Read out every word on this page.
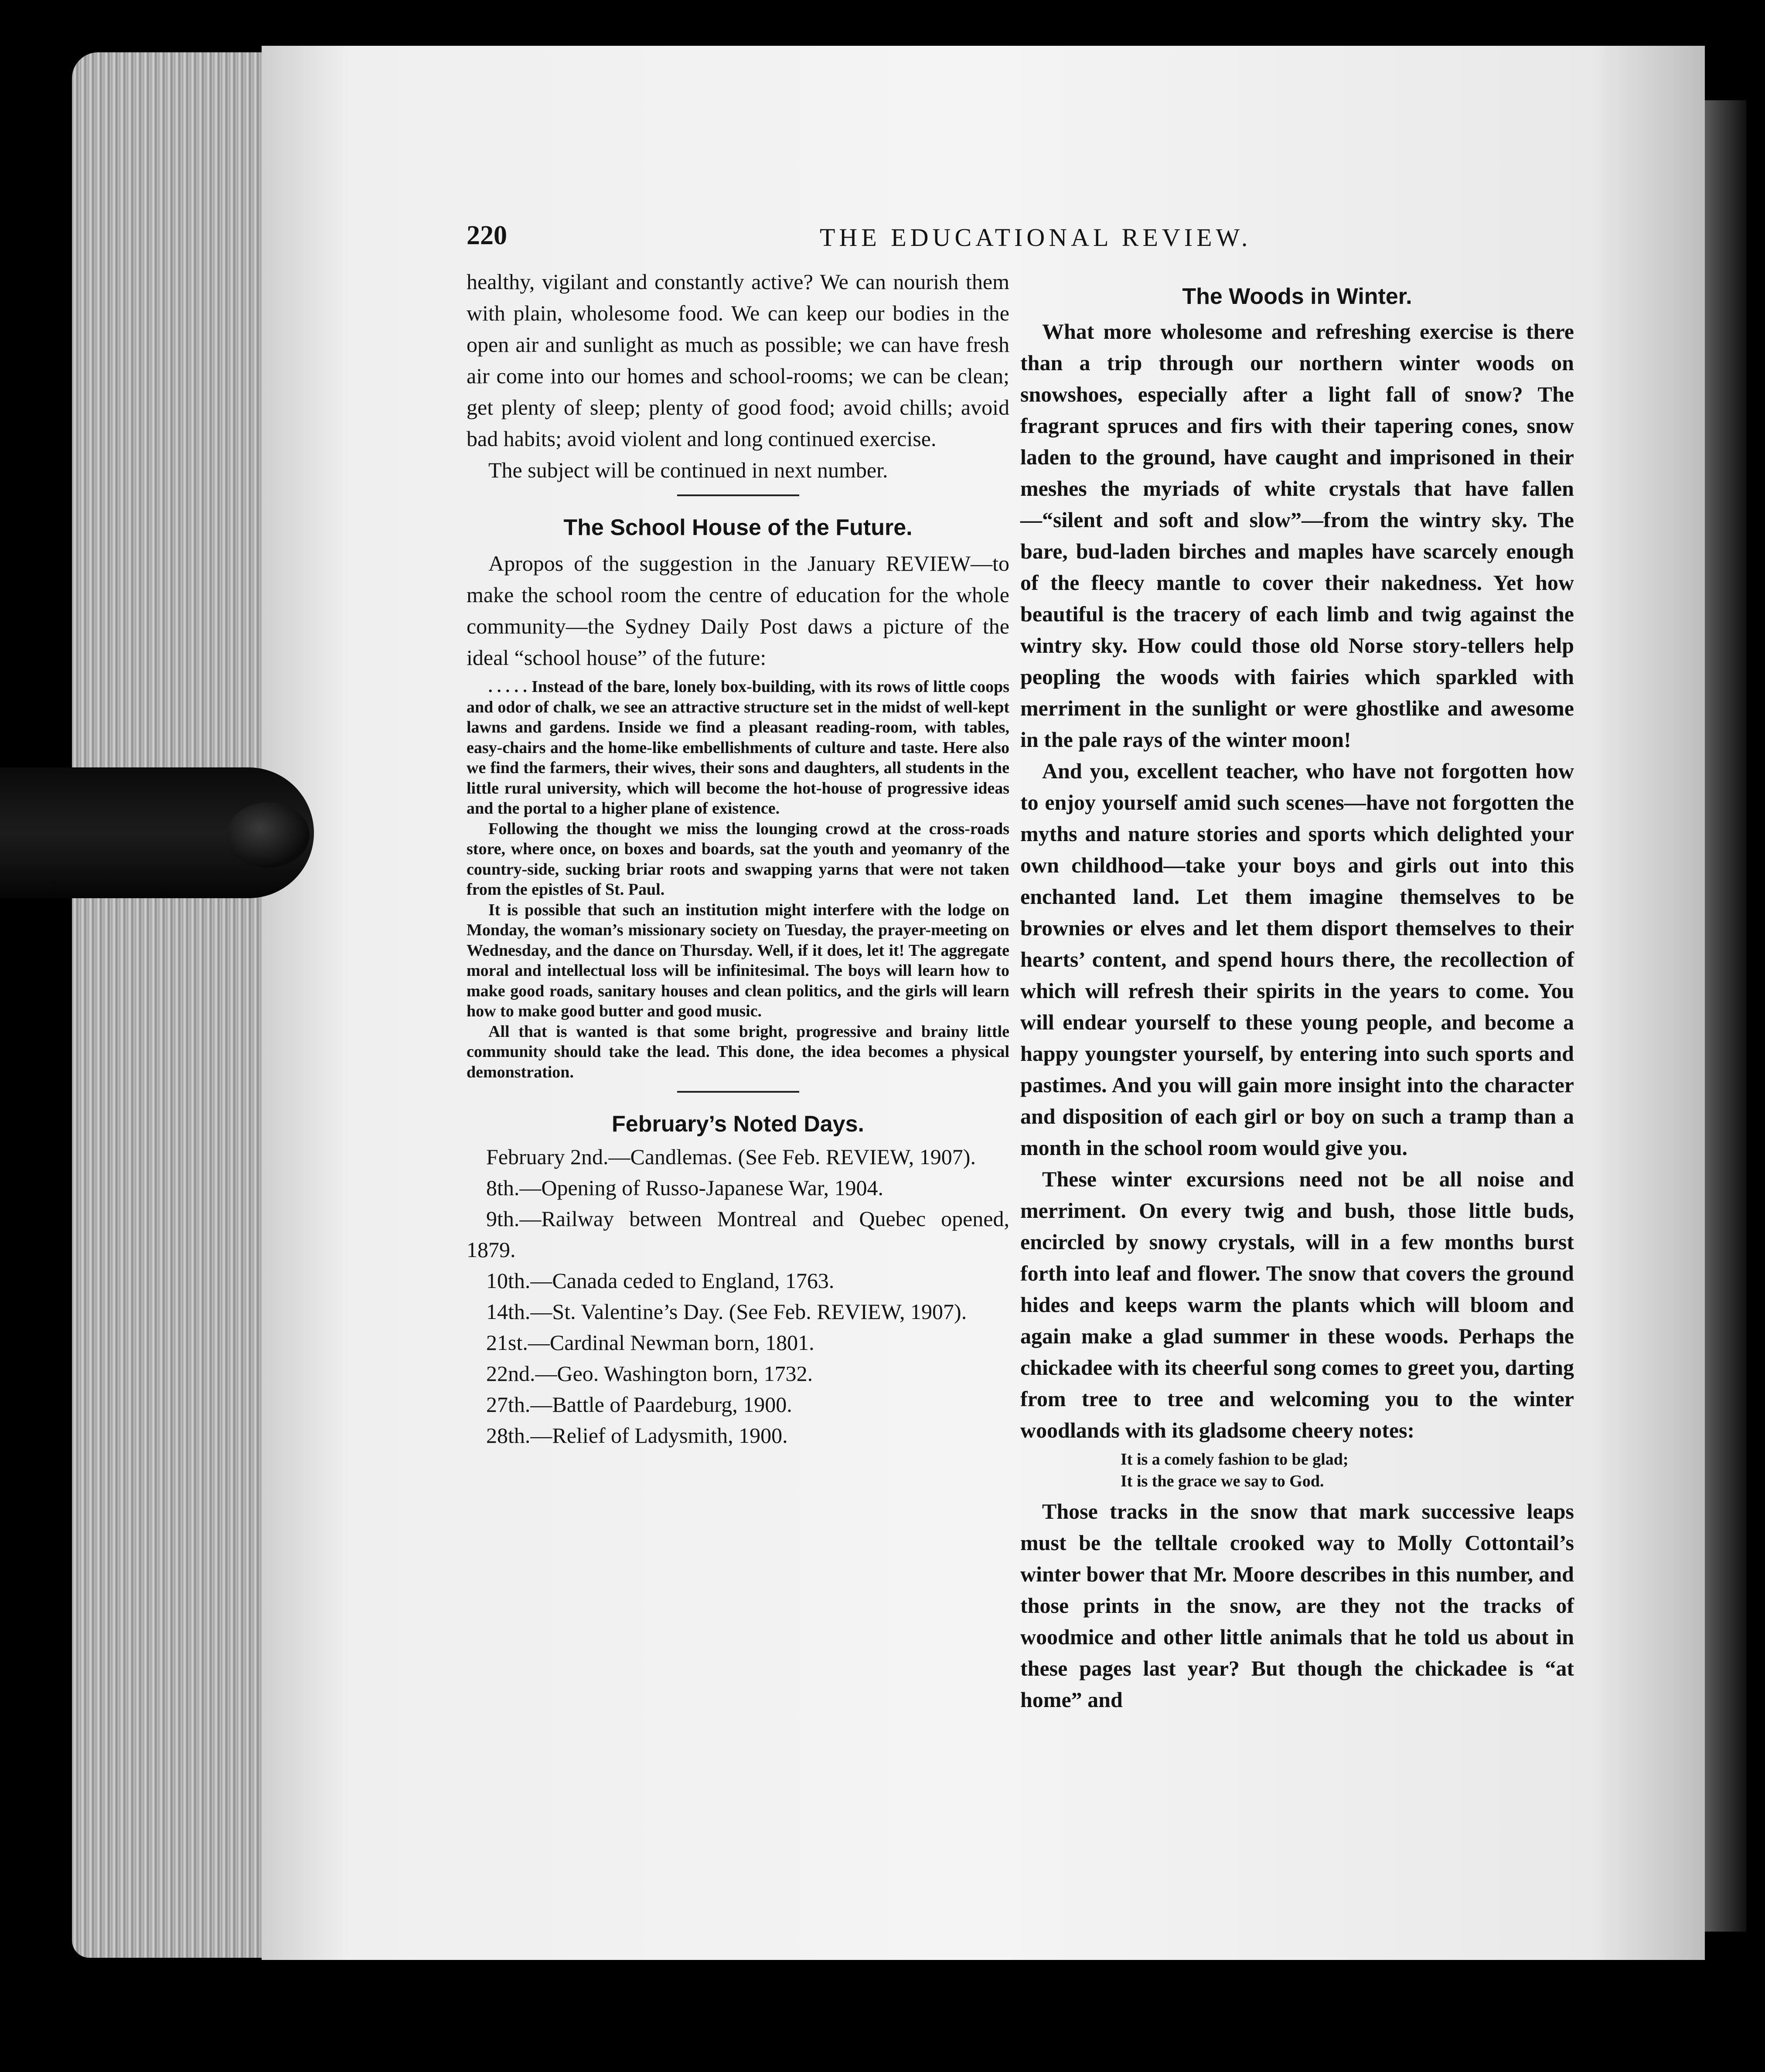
220	THE EDUCATIONAL REVIEW.

healthy, vigilant and constantly active? We can nourish them with plain, wholesome food. We can keep our bodies in the open air and sunlight as much as possible; we can have fresh air come into our homes and school-rooms; we can be clean; get plenty of sleep; plenty of good food; avoid chills; avoid bad habits; avoid violent and long continued exercise.

The subject will be continued in next number.

The School House of the Future.

Apropos of the suggestion in the January REVIEW—to make the school room the centre of education for the whole community—the Sydney Daily Post daws a picture of the ideal “school house” of the future:

. . . . . Instead of the bare, lonely box-building, with its rows of little coops and odor of chalk, we see an attractive structure set in the midst of well-kept lawns and gardens. Inside we find a pleasant reading-room, with tables, easy-chairs and the home-like embellishments of culture and taste. Here also we find the farmers, their wives, their sons and daughters, all students in the little rural university, which will become the hot-house of progressive ideas and the portal to a higher plane of existence.

Following the thought we miss the lounging crowd at the cross-roads store, where once, on boxes and boards, sat the youth and yeomanry of the country-side, sucking briar roots and swapping yarns that were not taken from the epistles of St. Paul.

It is possible that such an institution might interfere with the lodge on Monday, the woman’s missionary society on Tuesday, the prayer-meeting on Wednesday, and the dance on Thursday. Well, if it does, let it! The aggregate moral and intellectual loss will be infinitesimal. The boys will learn how to make good roads, sanitary houses and clean politics, and the girls will learn how to make good butter and good music.

All that is wanted is that some bright, progressive and brainy little community should take the lead. This done, the idea becomes a physical demonstration.

February’s Noted Days.

February 2nd.—Candlemas. (See Feb. REVIEW, 1907).

8th.—Opening of Russo-Japanese War, 1904.

9th.—Railway between Montreal and Quebec opened, 1879.

10th.—Canada ceded to England, 1763.

14th.—St. Valentine’s Day. (See Feb. REVIEW, 1907).

21st.—Cardinal Newman born, 1801.

22nd.—Geo. Washington born, 1732.

27th.—Battle of Paardeburg, 1900.

28th.—Relief of Ladysmith, 1900.

The Woods in Winter.

What more wholesome and refreshing exercise is there than a trip through our northern winter woods on snowshoes, especially after a light fall of snow? The fragrant spruces and firs with their tapering cones, snow laden to the ground, have caught and imprisoned in their meshes the myriads of white crystals that have fallen—“silent and soft and slow”—from the wintry sky. The bare, bud-laden birches and maples have scarcely enough of the fleecy mantle to cover their nakedness. Yet how beautiful is the tracery of each limb and twig against the wintry sky. How could those old Norse story-tellers help peopling the woods with fairies which sparkled with merriment in the sunlight or were ghostlike and awesome in the pale rays of the winter moon!

And you, excellent teacher, who have not forgotten how to enjoy yourself amid such scenes—have not forgotten the myths and nature stories and sports which delighted your own childhood—take your boys and girls out into this enchanted land. Let them imagine themselves to be brownies or elves and let them disport themselves to their hearts’ content, and spend hours there, the recollection of which will refresh their spirits in the years to come. You will endear yourself to these young people, and become a happy youngster yourself, by entering into such sports and pastimes. And you will gain more insight into the character and disposition of each girl or boy on such a tramp than a month in the school room would give you.

These winter excursions need not be all noise and merriment. On every twig and bush, those little buds, encircled by snowy crystals, will in a few months burst forth into leaf and flower. The snow that covers the ground hides and keeps warm the plants which will bloom and again make a glad summer in these woods. Perhaps the chickadee with its cheerful song comes to greet you, darting from tree to tree and welcoming you to the winter woodlands with its gladsome cheery notes:

It is a comely fashion to be glad;
It is the grace we say to God.

Those tracks in the snow that mark successive leaps must be the telltale crooked way to Molly Cottontail’s winter bower that Mr. Moore describes in this number, and those prints in the snow, are they not the tracks of woodmice and other little animals that he told us about in these pages last year? But though the chickadee is “at home” and
